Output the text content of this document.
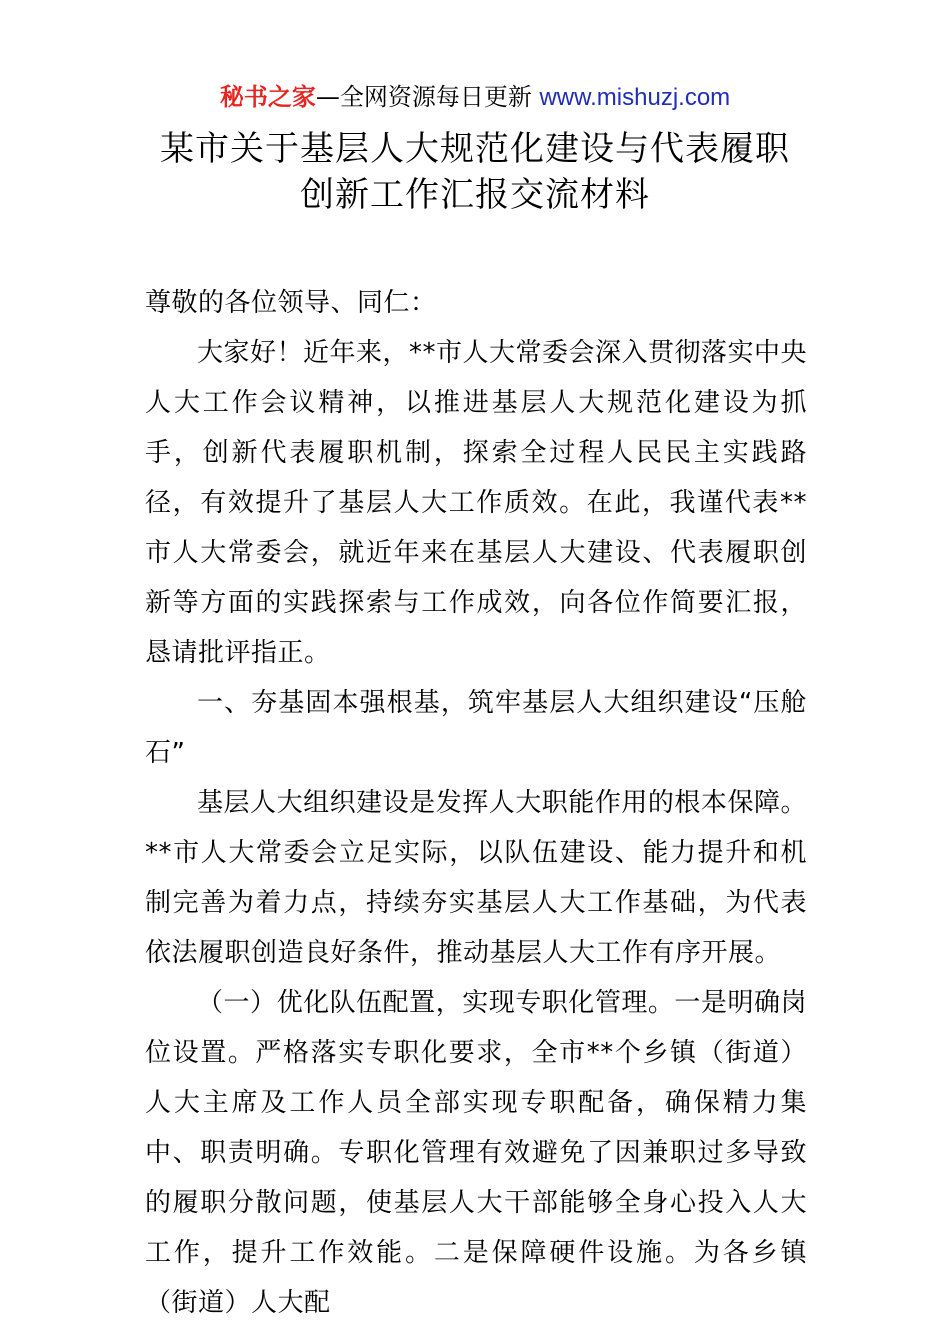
秘书之家—全网资源每日更新 www.mishuzj.com
某市关于基层人大规范化建设与代表履职
创新工作汇报交流材料

尊敬的各位领导、同仁：

大家好！近年来，**市人大常委会深入贯彻落实中央人大工作会议精神，以推进基层人大规范化建设为抓手，创新代表履职机制，探索全过程人民民主实践路径，有效提升了基层人大工作质效。在此，我谨代表**市人大常委会，就近年来在基层人大建设、代表履职创新等方面的实践探索与工作成效，向各位作简要汇报，恳请批评指正。

一、夯基固本强根基，筑牢基层人大组织建设“压舱石”

基层人大组织建设是发挥人大职能作用的根本保障。**市人大常委会立足实际，以队伍建设、能力提升和机制完善为着力点，持续夯实基层人大工作基础，为代表依法履职创造良好条件，推动基层人大工作有序开展。

（一）优化队伍配置，实现专职化管理。一是明确岗位设置。严格落实专职化要求，全市**个乡镇（街道）人大主席及工作人员全部实现专职配备，确保精力集中、职责明确。专职化管理有效避免了因兼职过多导致的履职分散问题，使基层人大干部能够全身心投入人大工作，提升工作效能。二是保障硬件设施。为各乡镇（街道）人大配
